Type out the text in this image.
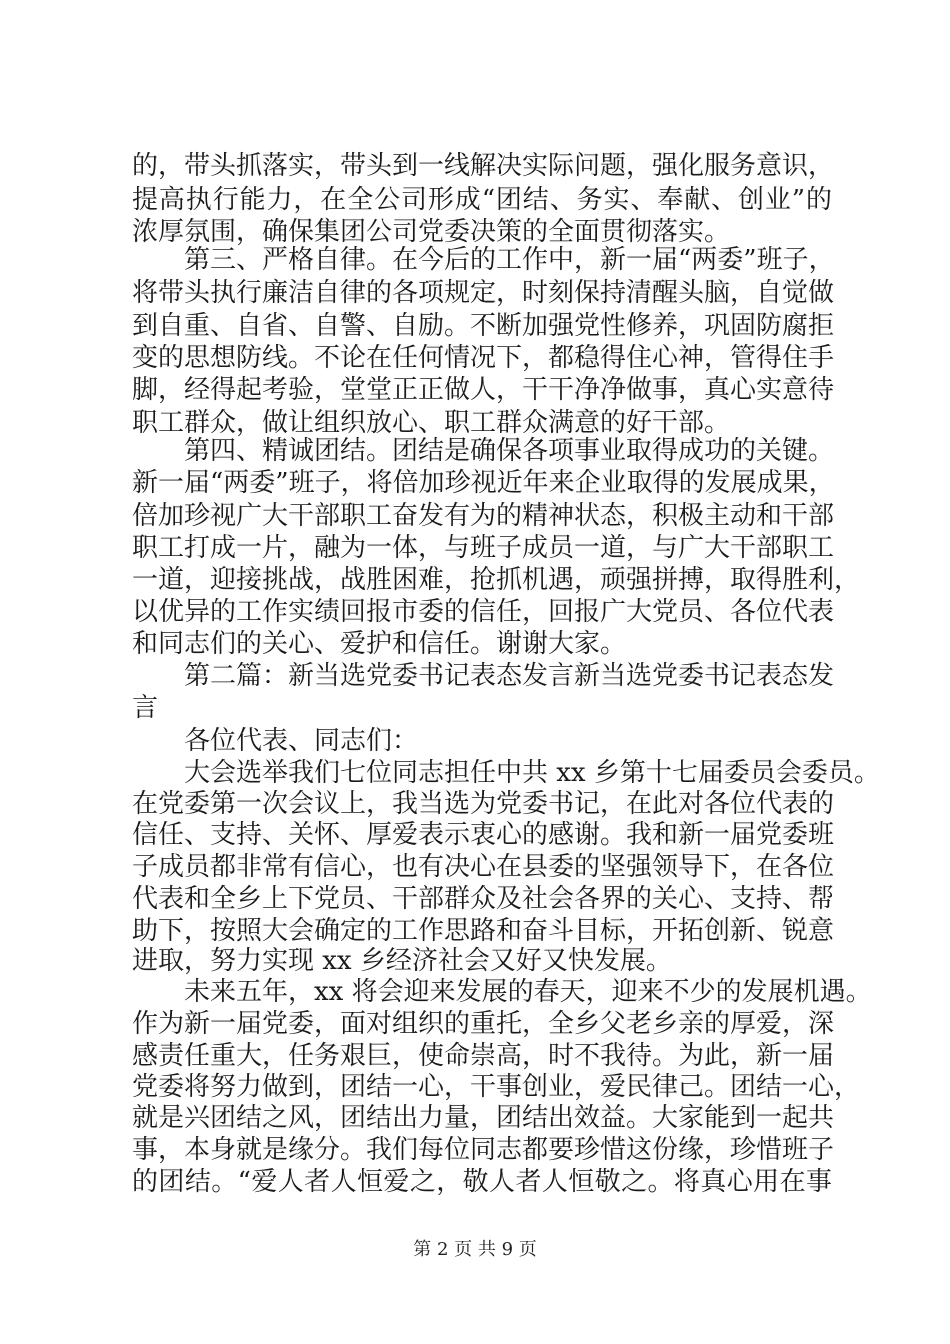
的，带头抓落实，带头到一线解决实际问题，强化服务意识，
提高执行能力，在全公司形成“团结、务实、奉献、创业”的
浓厚氛围，确保集团公司党委决策的全面贯彻落实。
　　第三、严格自律。在今后的工作中，新一届“两委”班子，
将带头执行廉洁自律的各项规定，时刻保持清醒头脑，自觉做
到自重、自省、自警、自励。不断加强党性修养，巩固防腐拒
变的思想防线。不论在任何情况下，都稳得住心神，管得住手
脚，经得起考验，堂堂正正做人，干干净净做事，真心实意待
职工群众，做让组织放心、职工群众满意的好干部。
　　第四、精诚团结。团结是确保各项事业取得成功的关键。
新一届“两委”班子，将倍加珍视近年来企业取得的发展成果，
倍加珍视广大干部职工奋发有为的精神状态，积极主动和干部
职工打成一片，融为一体，与班子成员一道，与广大干部职工
一道，迎接挑战，战胜困难，抢抓机遇，顽强拼搏，取得胜利，
以优异的工作实绩回报市委的信任，回报广大党员、各位代表
和同志们的关心、爱护和信任。谢谢大家。
　　第二篇：新当选党委书记表态发言新当选党委书记表态发
言
　　各位代表、同志们：
　　大会选举我们七位同志担任中共 xx 乡第十七届委员会委员。
在党委第一次会议上，我当选为党委书记，在此对各位代表的
信任、支持、关怀、厚爱表示衷心的感谢。我和新一届党委班
子成员都非常有信心，也有决心在县委的坚强领导下，在各位
代表和全乡上下党员、干部群众及社会各界的关心、支持、帮
助下，按照大会确定的工作思路和奋斗目标，开拓创新、锐意
进取，努力实现 xx 乡经济社会又好又快发展。
　　未来五年，xx 将会迎来发展的春天，迎来不少的发展机遇。
作为新一届党委，面对组织的重托，全乡父老乡亲的厚爱，深
感责任重大，任务艰巨，使命崇高，时不我待。为此，新一届
党委将努力做到，团结一心，干事创业，爱民律己。团结一心，
就是兴团结之风，团结出力量，团结出效益。大家能到一起共
事，本身就是缘分。我们每位同志都要珍惜这份缘，珍惜班子
的团结。“爱人者人恒爱之，敬人者人恒敬之。将真心用在事
第 2 页 共 9 页
